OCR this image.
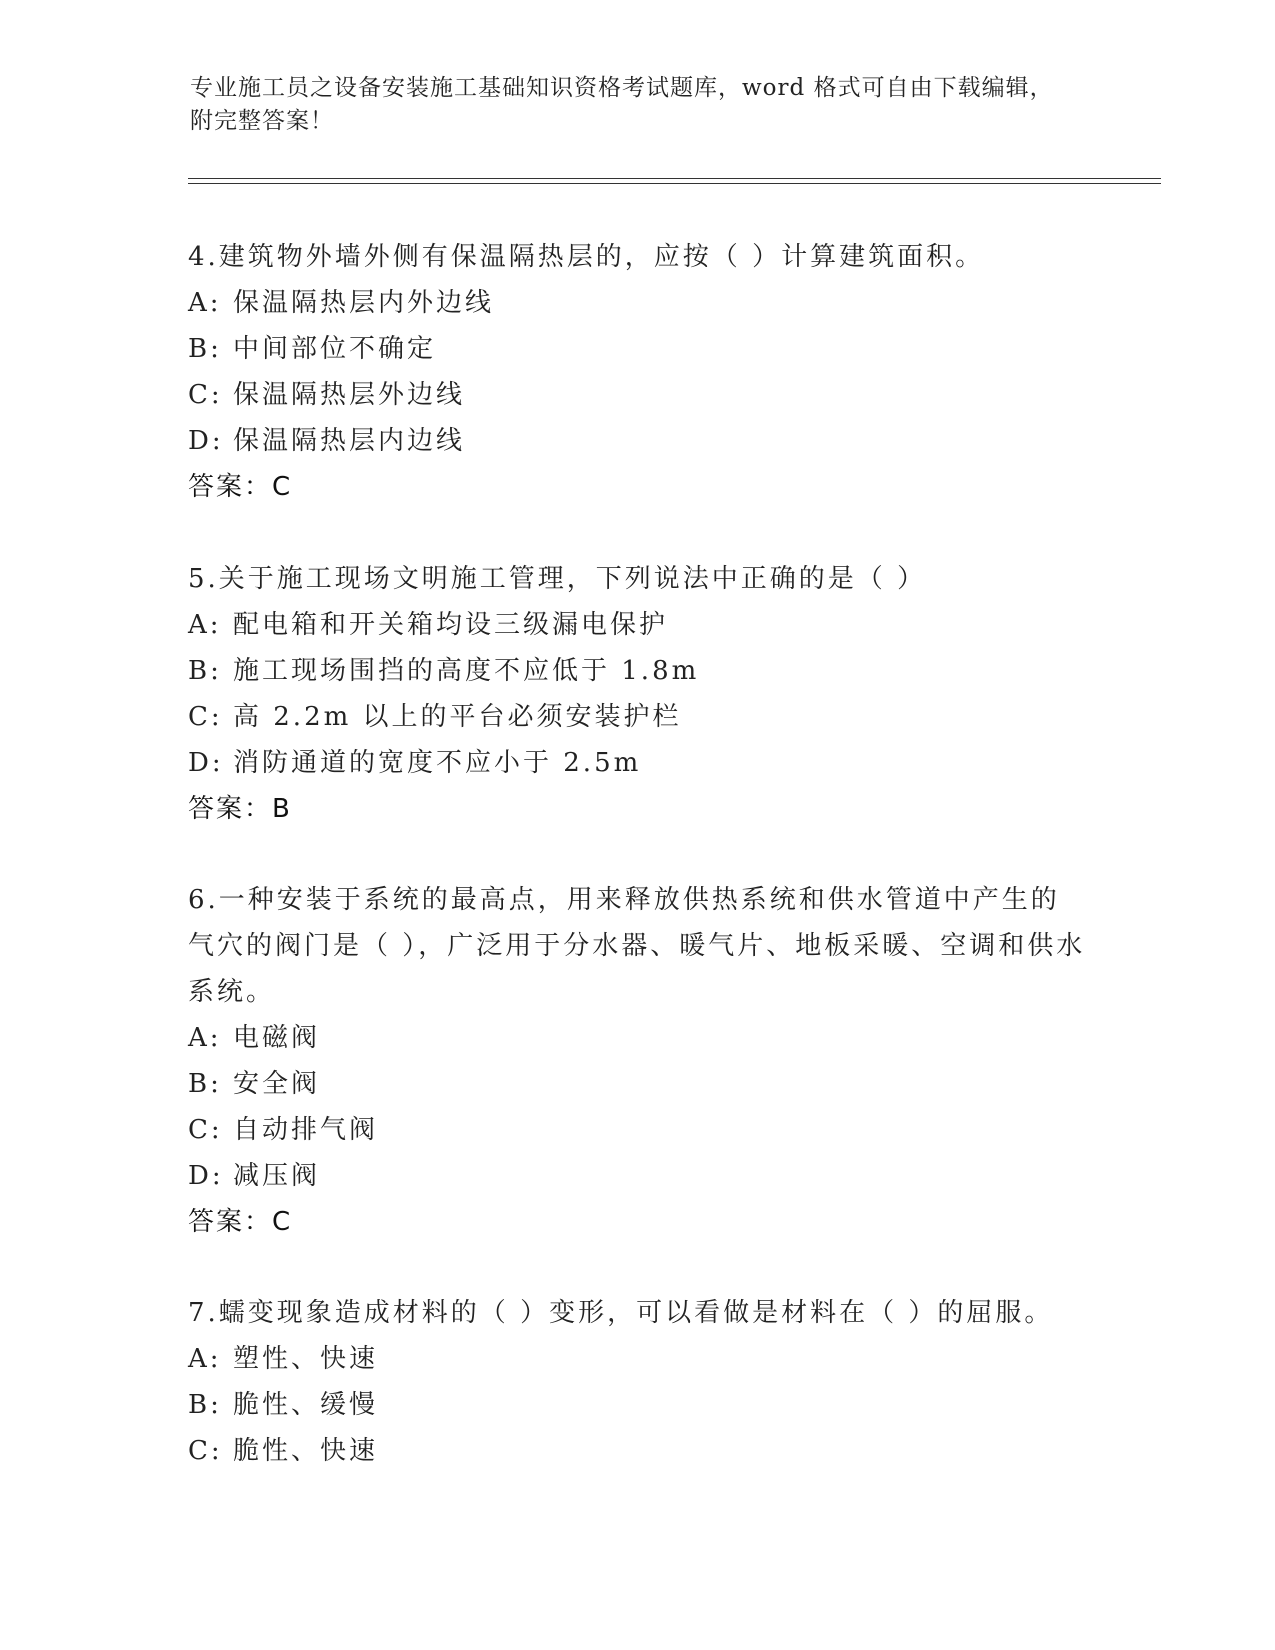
专业施工员之设备安装施工基础知识资格考试题库，word 格式可自由下载编辑，
附完整答案！

4.建筑物外墙外侧有保温隔热层的，应按（ ）计算建筑面积。

A: 保温隔热层内外边线

B: 中间部位不确定

C: 保温隔热层外边线

D: 保温隔热层内边线

答案：C

5.关于施工现场文明施工管理，下列说法中正确的是（ ）

A: 配电箱和开关箱均设三级漏电保护

B: 施工现场围挡的高度不应低于 1.8m

C: 高 2.2m 以上的平台必须安装护栏

D: 消防通道的宽度不应小于 2.5m

答案：B

6.一种安装于系统的最高点，用来释放供热系统和供水管道中产生的气穴的阀门是（ ），广泛用于分水器、暖气片、地板采暖、空调和供水系统。

A: 电磁阀

B: 安全阀

C: 自动排气阀

D: 减压阀

答案：C

7.蠕变现象造成材料的（ ）变形，可以看做是材料在（ ）的屈服。

A: 塑性、快速

B: 脆性、缓慢

C: 脆性、快速
